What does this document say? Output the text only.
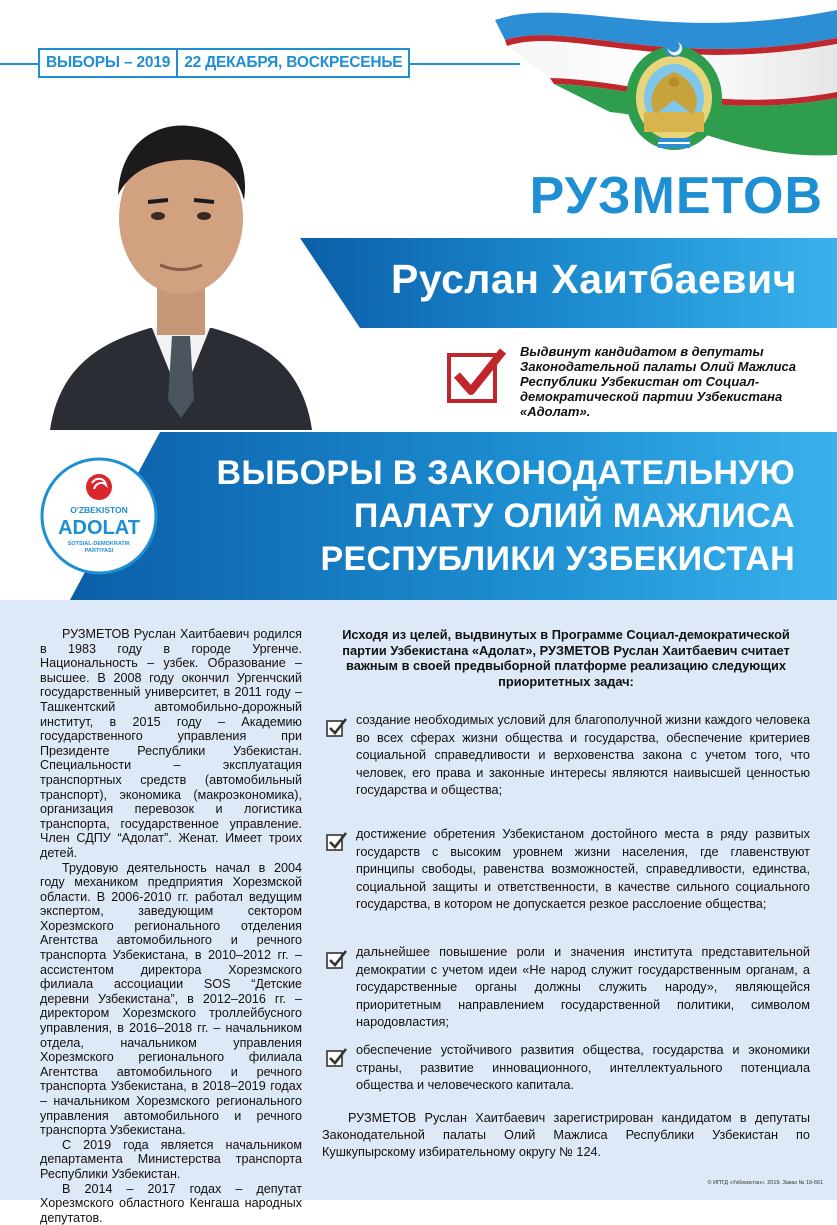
ВЫБОРЫ – 2019 22 ДЕКАБРЯ, ВОСКРЕСЕНЬЕ
РУЗМЕТОВ
Руслан Хаитбаевич
Выдвинут кандидатом в депутаты Законодательной палаты Олий Мажлиса Республики Узбекистан от Социал-демократической партии Узбекистана «Адолат».
ВЫБОРЫ В ЗАКОНОДАТЕЛЬНУЮ
ПАЛАТУ ОЛИЙ МАЖЛИСА
РЕСПУБЛИКИ УЗБЕКИСТАН
O'ZBEKISTON
ADOLAT
SOTSIAL-DEMOKRATIK
PARTIYASI

РУЗМЕТОВ Руслан Хаитбаевич родился в 1983 году в городе Ургенче. Национальность – узбек. Образование – высшее. В 2008 году окончил Ургенчский государственный университет, в 2011 году – Ташкентский автомобильно-дорожный институт, в 2015 году – Академию государственного управления при Президенте Республики Узбекистан. Специальности – эксплуатация транспортных средств (автомобильный транспорт), экономика (макроэкономика), организация перевозок и логистика транспорта, государственное управление. Член СДПУ “Адолат”. Женат. Имеет троих детей.

Трудовую деятельность начал в 2004 году механиком предприятия Хорезмской области. В 2006-2010 гг. работал ведущим экспертом, заведующим сектором Хорезмского регионального отделения Агентства автомобильного и речного транспорта Узбекистана, в 2010–2012 гг. – ассистентом директора Хорезмского филиала ассоциации SOS “Детские деревни Узбекистана”, в 2012–2016 гг. – директором Хорезмского троллейбусного управления, в 2016–2018 гг. – начальником отдела, начальником управления Хорезмского регионального филиала Агентства автомобильного и речного транспорта Узбекистана, в 2018–2019 годах – начальником Хорезмского регионального управления автомобильного и речного транспорта Узбекистана.

С 2019 года является начальником департамента Министерства транспорта Республики Узбекистан.

В 2014 – 2017 годах – депутат Хорезмского областного Кенгаша народных депутатов.

Исходя из целей, выдвинутых в Программе Социал-демократической партии Узбекистана «Адолат», РУЗМЕТОВ Руслан Хаитбаевич считает важным в своей предвыборной платформе реализацию следующих приоритетных задач:
создание необходимых условий для благополучной жизни каждого человека во всех сферах жизни общества и государства, обеспечение критериев социальной справедливости и верховенства закона с учетом того, что человек, его права и законные интересы являются наивысшей ценностью государства и общества;
достижение обретения Узбекистаном достойного места в ряду развитых государств с высоким уровнем жизни населения, где главенствуют принципы свободы, равенства возможностей, справедливости, единства, социальной защиты и ответственности, в качестве сильного социального государства, в котором не допускается резкое расслоение общества;
дальнейшее повышение роли и значения института представительной демократии с учетом идеи «Не народ служит государственным органам, а государственные органы должны служить народу», являющейся приоритетным направлением государственной политики, символом народовластия;
обеспечение устойчивого развития общества, государства и экономики страны, развитие инновационного, интеллектуального потенциала общества и человеческого капитала.
РУЗМЕТОВ Руслан Хаитбаевич зарегистрирован кандидатом в депутаты Законодательной палаты Олий Мажлиса Республики Узбекистан по Кушкупырскому избирательному округу № 124.
© ИПТД «Узбекистан», 2019. Заказ № 19-661
